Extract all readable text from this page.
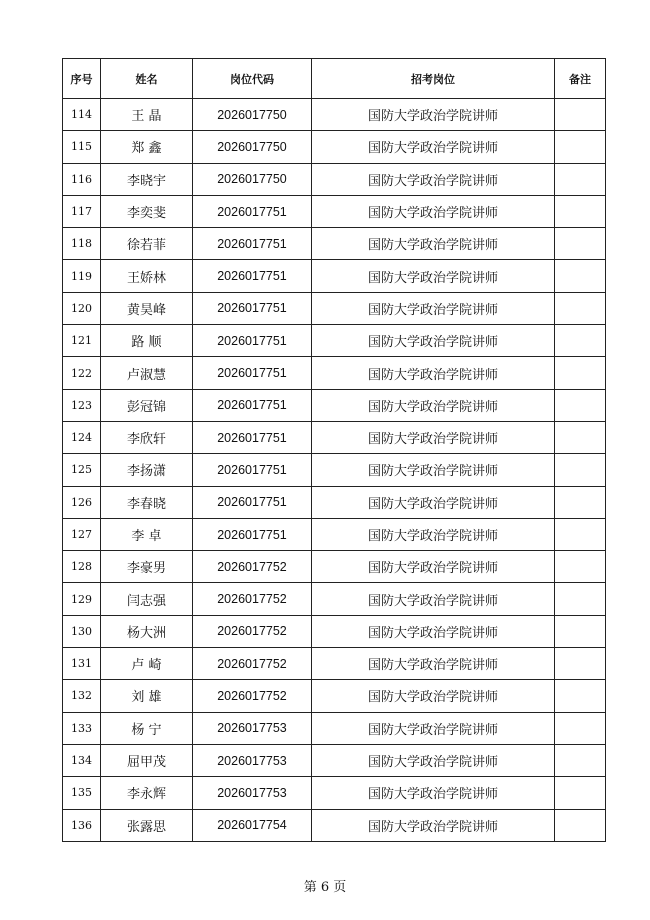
序号	姓名	岗位代码	招考岗位	备注
114	王 晶	2026017750	国防大学政治学院讲师	
115	郑 鑫	2026017750	国防大学政治学院讲师	
116	李晓宇	2026017750	国防大学政治学院讲师	
117	李奕斐	2026017751	国防大学政治学院讲师	
118	徐若菲	2026017751	国防大学政治学院讲师	
119	王娇林	2026017751	国防大学政治学院讲师	
120	黄昊峰	2026017751	国防大学政治学院讲师	
121	路 顺	2026017751	国防大学政治学院讲师	
122	卢淑慧	2026017751	国防大学政治学院讲师	
123	彭冠锦	2026017751	国防大学政治学院讲师	
124	李欣轩	2026017751	国防大学政治学院讲师	
125	李扬潇	2026017751	国防大学政治学院讲师	
126	李春晓	2026017751	国防大学政治学院讲师	
127	李 卓	2026017751	国防大学政治学院讲师	
128	李豪男	2026017752	国防大学政治学院讲师	
129	闫志强	2026017752	国防大学政治学院讲师	
130	杨大洲	2026017752	国防大学政治学院讲师	
131	卢 崎	2026017752	国防大学政治学院讲师	
132	刘 雄	2026017752	国防大学政治学院讲师	
133	杨 宁	2026017753	国防大学政治学院讲师	
134	屈甲茂	2026017753	国防大学政治学院讲师	
135	李永辉	2026017753	国防大学政治学院讲师	
136	张露思	2026017754	国防大学政治学院讲师	
第 6 页
